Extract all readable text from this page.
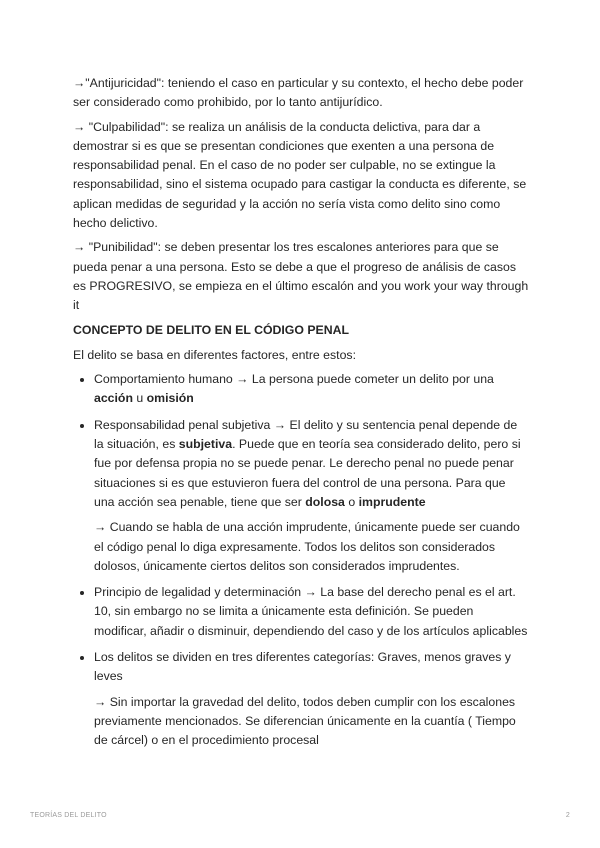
→"Antijuricidad": teniendo el caso en particular y su contexto, el hecho debe poder ser considerado como prohibido, por lo tanto antijurídico.

→ "Culpabilidad": se realiza un análisis de la conducta delictiva, para dar a demostrar si es que se presentan condiciones que exenten a una persona de responsabilidad penal. En el caso de no poder ser culpable, no se extingue la responsabilidad, sino el sistema ocupado para castigar la conducta es diferente, se aplican medidas de seguridad y la acción no sería vista como delito sino como hecho delictivo.

→ "Punibilidad": se deben presentar los tres escalones anteriores para que se pueda penar a una persona. Esto se debe a que el progreso de análisis de casos es PROGRESIVO, se empieza en el último escalón and you work your way through it

CONCEPTO DE DELITO EN EL CÓDIGO PENAL

El delito se basa en diferentes factores, entre estos:

Comportamiento humano → La persona puede cometer un delito por una acción u omisión
Responsabilidad penal subjetiva → El delito y su sentencia penal depende de la situación, es subjetiva. Puede que en teoría sea considerado delito, pero si fue por defensa propia no se puede penar. Le derecho penal no puede penar situaciones si es que estuvieron fuera del control de una persona. Para que una acción sea penable, tiene que ser dolosa o imprudente
→ Cuando se habla de una acción imprudente, únicamente puede ser cuando el código penal lo diga expresamente. Todos los delitos son considerados dolosos, únicamente ciertos delitos son considerados imprudentes.
Principio de legalidad y determinación → La base del derecho penal es el art. 10, sin embargo no se limita a únicamente esta definición. Se pueden modificar, añadir o disminuir, dependiendo del caso y de los artículos aplicables
Los delitos se dividen en tres diferentes categorías: Graves, menos graves y leves
→ Sin importar la gravedad del delito, todos deben cumplir con los escalones previamente mencionados. Se diferencian únicamente en la cuantía ( Tiempo de cárcel) o en el procedimiento procesal
TEORÍAS DEL DELITO	2
